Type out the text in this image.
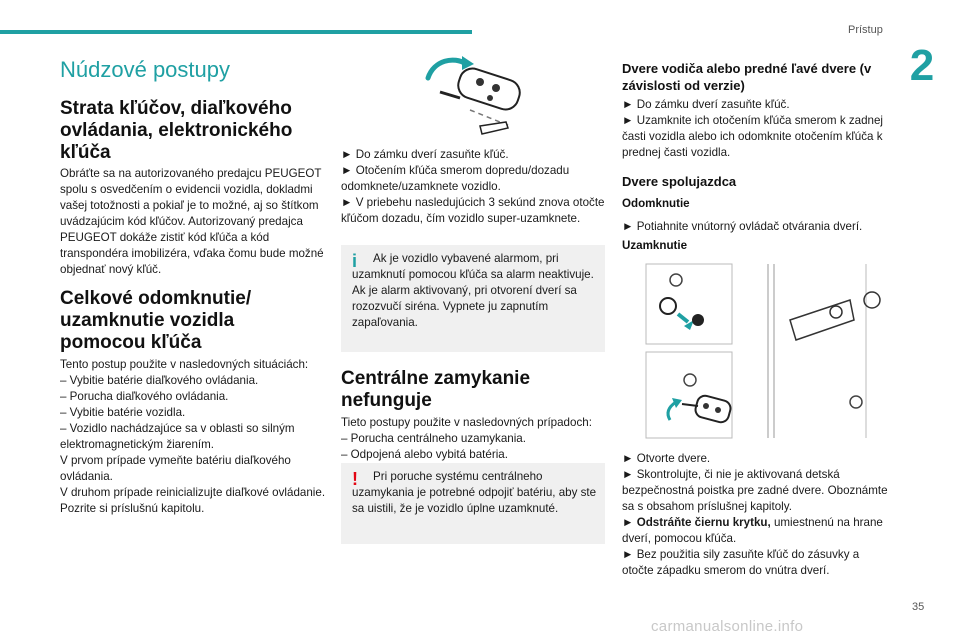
Prístup
2
Núdzové postupy
Strata kľúčov, diaľkového ovládania, elektronického kľúča

Obráťte sa na autorizovaného predajcu PEUGEOT spolu s osvedčením o evidencii vozidla, dokladmi vašej totožnosti a pokiaľ je to možné, aj so štítkom uvádzajúcim kód kľúčov. Autorizovaný predajca PEUGEOT dokáže zistiť kód kľúča a kód transpondéra imobilizéra, vďaka čomu bude možné objednať nový kľúč.

Celkové odomknutie/ uzamknutie vozidla pomocou kľúča

Tento postup použite v nasledovných situáciách:

– Vybitie batérie diaľkového ovládania.

– Porucha diaľkového ovládania.

– Vybitie batérie vozidla.

– Vozidlo nachádzajúce sa v oblasti so silným elektromagnetickým žiarením.

V prvom prípade vymeňte batériu diaľkového ovládania.

V druhom prípade reinicializujte diaľkové ovládanie.

Pozrite si príslušnú kapitolu.

► Do zámku dverí zasuňte kľúč.

► Otočením kľúča smerom dopredu/dozadu odomknete/uzamknete vozidlo.

► V priebehu nasledujúcich 3 sekúnd znova otočte kľúčom dozadu, čím vozidlo super-uzamknete.

i	Ak je vozidlo vybavené alarmom, pri uzamknutí pomocou kľúča sa alarm neaktivuje. Ak je alarm aktivovaný, pri otvorení dverí sa rozozvučí siréna. Vypnete ju zapnutím zapaľovania.
Centrálne zamykanie nefunguje

Tieto postupy použite v nasledovných prípadoch:

– Porucha centrálneho uzamykania.

– Odpojená alebo vybitá batéria.

!	Pri poruche systému centrálneho uzamykania je potrebné odpojiť batériu, aby ste sa uistili, že je vozidlo úplne uzamknuté.
Dvere vodiča alebo predné ľavé dvere (v závislosti od verzie)

► Do zámku dverí zasuňte kľúč.

► Uzamknite ich otočením kľúča smerom k zadnej časti vozidla alebo ich odomknite otočením kľúča k prednej časti vozidla.

Dvere spolujazdca
Odomknutie

► Potiahnite vnútorný ovládač otvárania dverí.

Uzamknutie

► Otvorte dvere.

► Skontrolujte, či nie je aktivovaná detská bezpečnostná poistka pre zadné dvere. Oboznámte sa s obsahom príslušnej kapitoly.

► Odstráňte čiernu krytku, umiestnenú na hrane dverí, pomocou kľúča.

► Bez použitia sily zasuňte kľúč do zásuvky a otočte západku smerom do vnútra dverí.

35
carmanualsonline.info
